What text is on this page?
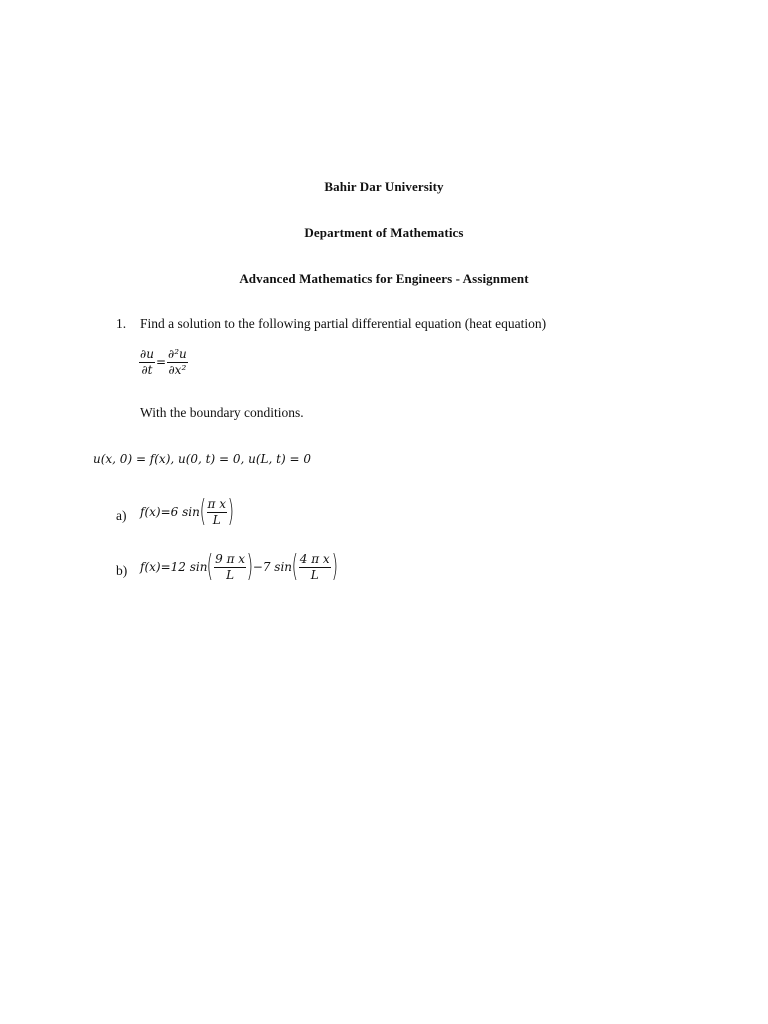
Bahir Dar University
Department of Mathematics
Advanced Mathematics for Engineers - Assignment
1. Find a solution to the following partial differential equation (heat equation)
$\frac{\partial u}{\partial t} = \frac{\text{∂²u}}{\text{∂x²}}$
With the boundary conditions.
u(x, 0) = f(x), u(0, t) = 0, u(L, t) = 0
a) f(x)=6 sin ( $\frac{\text{π x}}{L}$ )
b) f(x)=12 sin ( $\frac{\text{9 π x}}{L}$ ) −7 sin ( $\frac{\text{4 π x}}{L}$ )
